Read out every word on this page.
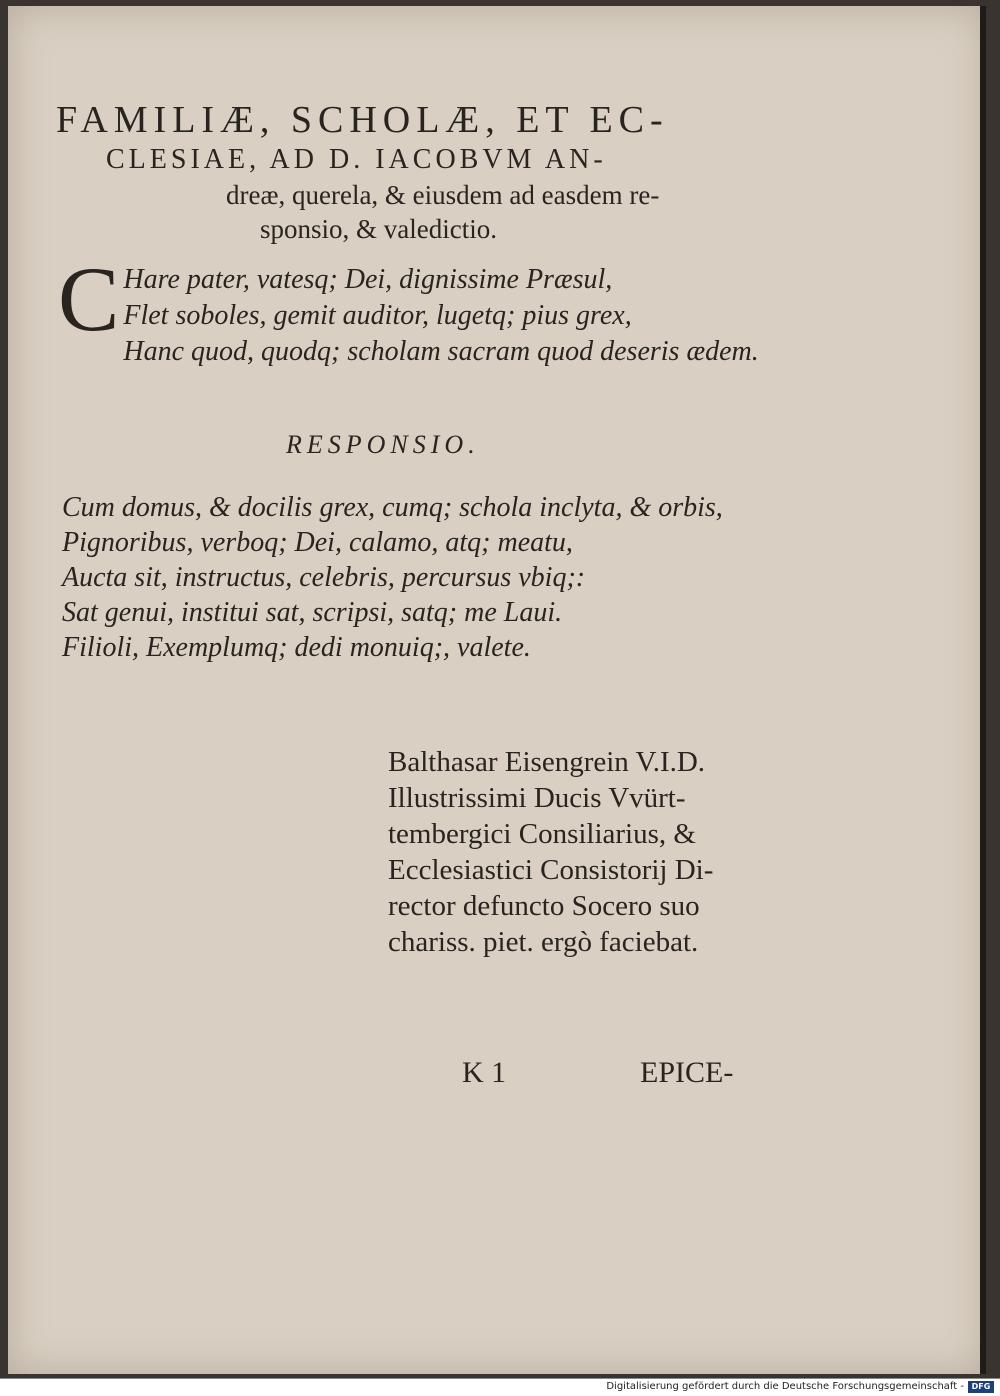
FAMILIÆ, SCHOLÆ, ET EC-
CLESIAE, AD D. IACOBVM AN-
dreæ, querela, & eiusdem ad easdem re-
sponsio, & valedictio.
C Hare pater, vatesq; Dei, dignissime Præsul,
Flet soboles, gemit auditor, lugetq; pius grex,
Hanc quod, quodq; scholam sacram quod deseris ædem.
RESPONSIO.
Cum domus, & docilis grex, cumq; schola inclyta, & orbis,
Pignoribus, verboq; Dei, calamo, atq; meatu,
Aucta sit, instructus, celebris, percursus vbiq;:
Sat genui, institui sat, scripsi, satq; me Laui.
Filioli, Exemplumq; dedi monuiq;, valete.
Balthasar Eisengrein V.I.D.
Illustrissimi Ducis Vvürt-
tembergici Consiliarius, &
Ecclesiastici Consistorij Di-
rector defuncto Socero suo
chariss. piet. ergò faciebat.
K 1	EPICE-
Digitalisierung gefördert durch die Deutsche Forschungsgemeinschaft - DFG
